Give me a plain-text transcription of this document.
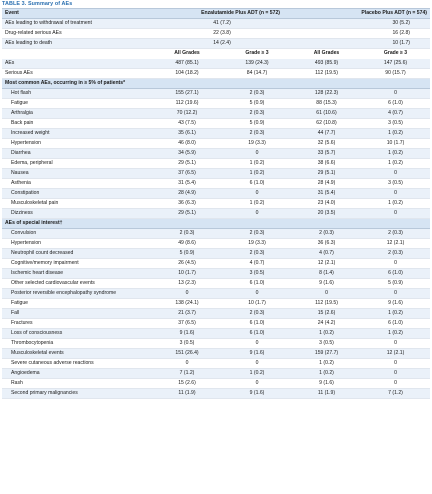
TABLE 3. Summary of AEs
Event	Enzalutamide Plus ADT (n = 572)		Placebo Plus ADT (n = 574)	
AEs leading to withdrawal of treatment	41 (7.2)		30 (5.2)	
Drug-related serious AEs	22 (3.8)		16 (2.8)	
AEs leading to death	14 (2.4)		10 (1.7)	
	All Grades	Grade ≥ 3	All Grades	Grade ≥ 3
AEs	487 (85.1)	139 (24.3)	493 (85.9)	147 (25.6)
Serious AEs	104 (18.2)	84 (14.7)	112 (19.5)	90 (15.7)
Most common AEs, occurring in ≥ 5% of patients*				
Hot flash	155 (27.1)	2 (0.3)	128 (22.3)	0
Fatigue	112 (19.6)	5 (0.9)	88 (15.3)	6 (1.0)
Arthralgia	70 (12.2)	2 (0.3)	61 (10.6)	4 (0.7)
Back pain	43 (7.5)	5 (0.9)	62 (10.8)	3 (0.5)
Increased weight	35 (6.1)	2 (0.3)	44 (7.7)	1 (0.2)
Hypertension	46 (8.0)	19 (3.3)	32 (5.6)	10 (1.7)
Diarrhea	34 (5.9)	0	33 (5.7)	1 (0.2)
Edema, peripheral	29 (5.1)	1 (0.2)	38 (6.6)	1 (0.2)
Nausea	37 (6.5)	1 (0.2)	29 (5.1)	0
Asthenia	31 (5.4)	6 (1.0)	28 (4.9)	3 (0.5)
Constipation	28 (4.9)	0	31 (5.4)	0
Musculoskeletal pain	36 (6.3)	1 (0.2)	23 (4.0)	1 (0.2)
Dizziness	29 (5.1)	0	20 (3.5)	0
AEs of special interest†				
Convulsion	2 (0.3)	2 (0.3)	2 (0.3)	2 (0.3)
Hypertension	49 (8.6)	19 (3.3)	36 (6.3)	12 (2.1)
Neutrophil count decreased	5 (0.9)	2 (0.3)	4 (0.7)	2 (0.3)
Cognitive/memory impairment	26 (4.5)	4 (0.7)	12 (2.1)	0
Ischemic heart disease	10 (1.7)	3 (0.5)	8 (1.4)	6 (1.0)
Other selected cardiovascular events	13 (2.3)	6 (1.0)	9 (1.6)	5 (0.9)
Posterior reversible encephalopathy syndrome	0	0	0	0
Fatigue	138 (24.1)	10 (1.7)	112 (19.5)	9 (1.6)
Fall	21 (3.7)	2 (0.3)	15 (2.6)	1 (0.2)
Fractures	37 (6.5)	6 (1.0)	24 (4.2)	6 (1.0)
Loss of consciousness	9 (1.6)	6 (1.0)	1 (0.2)	1 (0.2)
Thrombocytopenia	3 (0.5)	0	3 (0.5)	0
Musculoskeletal events	151 (26.4)	9 (1.6)	159 (27.7)	12 (2.1)
Severe cutaneous adverse reactions	0	0	1 (0.2)	0
Angioedema	7 (1.2)	1 (0.2)	1 (0.2)	0
Rash	15 (2.6)	0	9 (1.6)	0
Second primary malignancies	11 (1.9)	9 (1.6)	11 (1.9)	7 (1.2)
